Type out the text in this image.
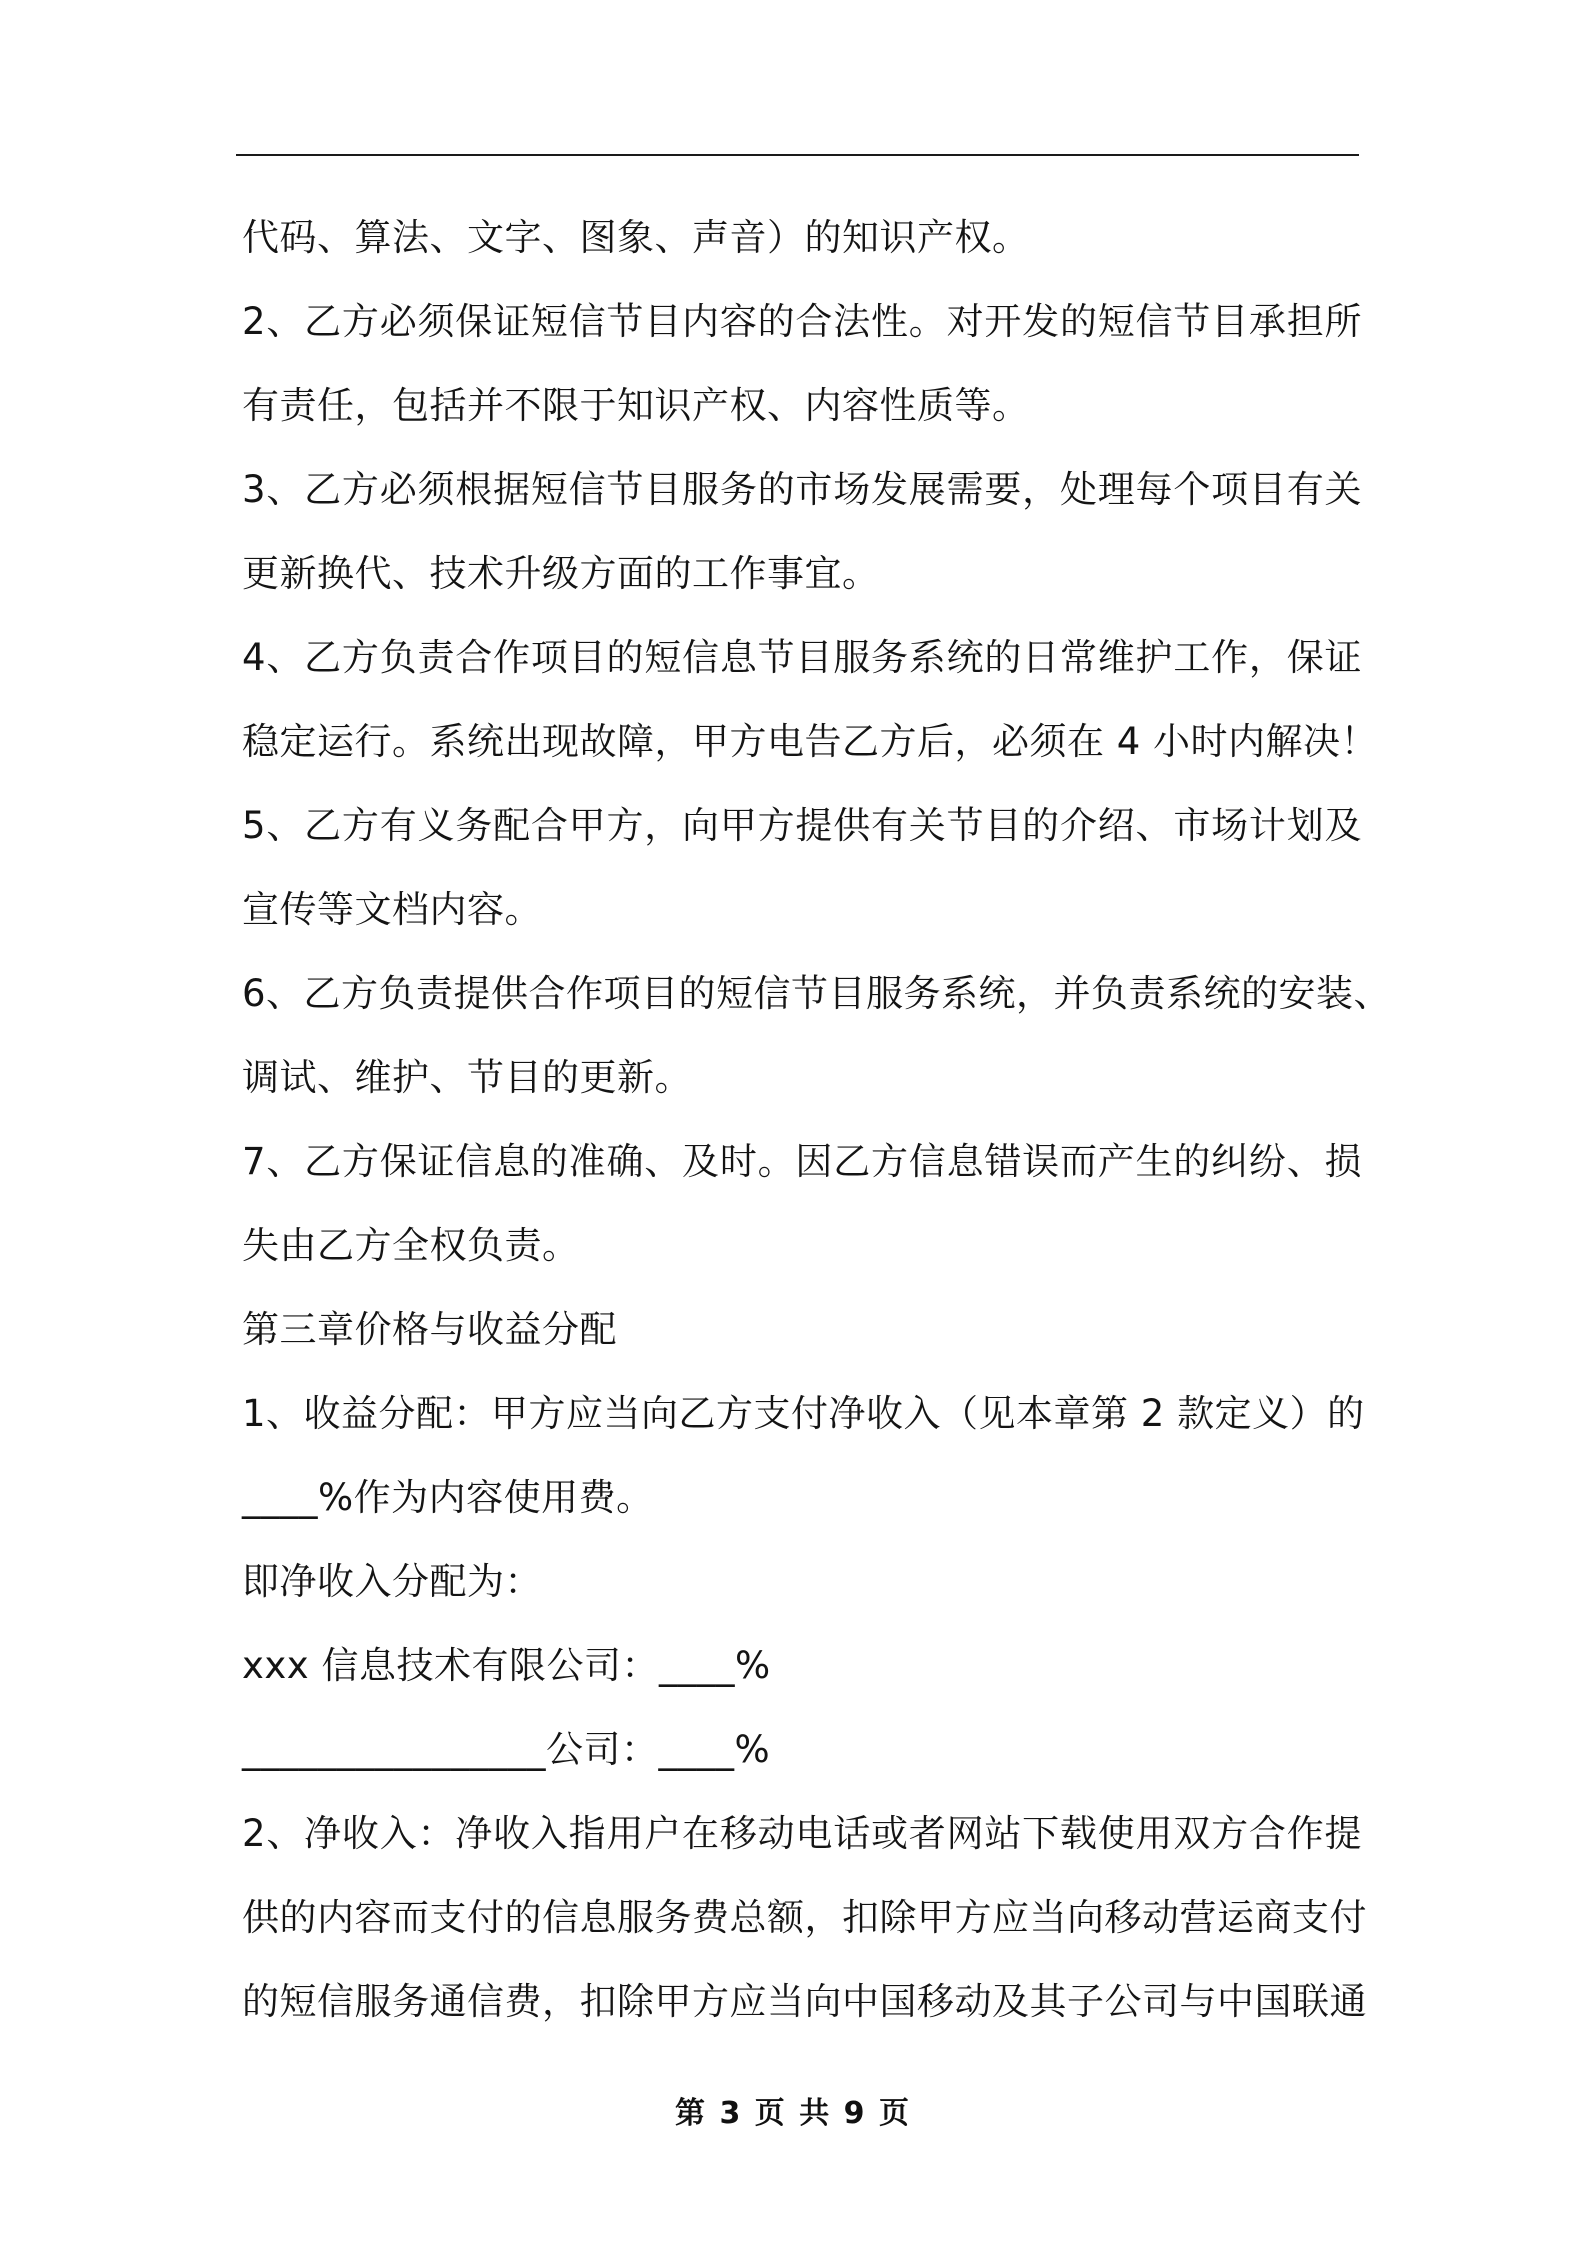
代码、算法、文字、图象、声音）的知识产权。
2、乙方必须保证短信节目内容的合法性。对开发的短信节目承担所
有责任，包括并不限于知识产权、内容性质等。
3、乙方必须根据短信节目服务的市场发展需要，处理每个项目有关
更新换代、技术升级方面的工作事宜。
4、乙方负责合作项目的短信息节目服务系统的日常维护工作，保证
稳定运行。系统出现故障，甲方电告乙方后，必须在 4 小时内解决！
5、乙方有义务配合甲方，向甲方提供有关节目的介绍、市场计划及
宣传等文档内容。
6、乙方负责提供合作项目的短信节目服务系统，并负责系统的安装、
调试、维护、节目的更新。
7、乙方保证信息的准确、及时。因乙方信息错误而产生的纠纷、损
失由乙方全权负责。
第三章价格与收益分配
1、收益分配：甲方应当向乙方支付净收入（见本章第 2 款定义）的
____%作为内容使用费。
即净收入分配为：
xxx 信息技术有限公司：____%
________________公司：____%
2、净收入：净收入指用户在移动电话或者网站下载使用双方合作提
供的内容而支付的信息服务费总额，扣除甲方应当向移动营运商支付
的短信服务通信费，扣除甲方应当向中国移动及其子公司与中国联通
第 3 页 共 9 页
